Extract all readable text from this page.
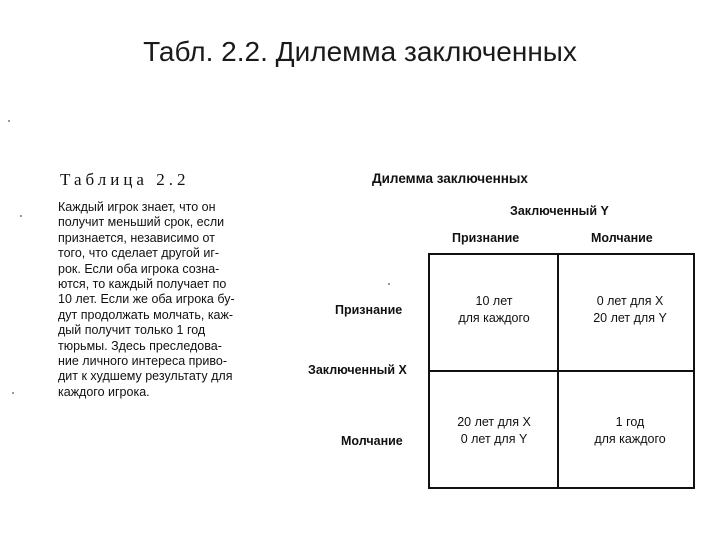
Табл. 2.2. Дилемма заключенных
Таблица 2.2
Каждый игрок знает, что он
получит меньший срок, если
признается, независимо от
того, что сделает другой иг-
рок. Если оба игрока созна-
ются, то каждый получает по
10 лет. Если же оба игрока бу-
дут продолжать молчать, каж-
дый получит только 1 год
тюрьмы. Здесь преследова-
ние личного интереса приво-
дит к худшему результату для
каждого игрока.
Дилемма заключенных
Заключенный Y
Признание	Молчание
Признание
Заключенный X
Молчание
10 лет
для каждого
0 лет для X
20 лет для Y
20 лет для X
0 лет для Y
1 год
для каждого
